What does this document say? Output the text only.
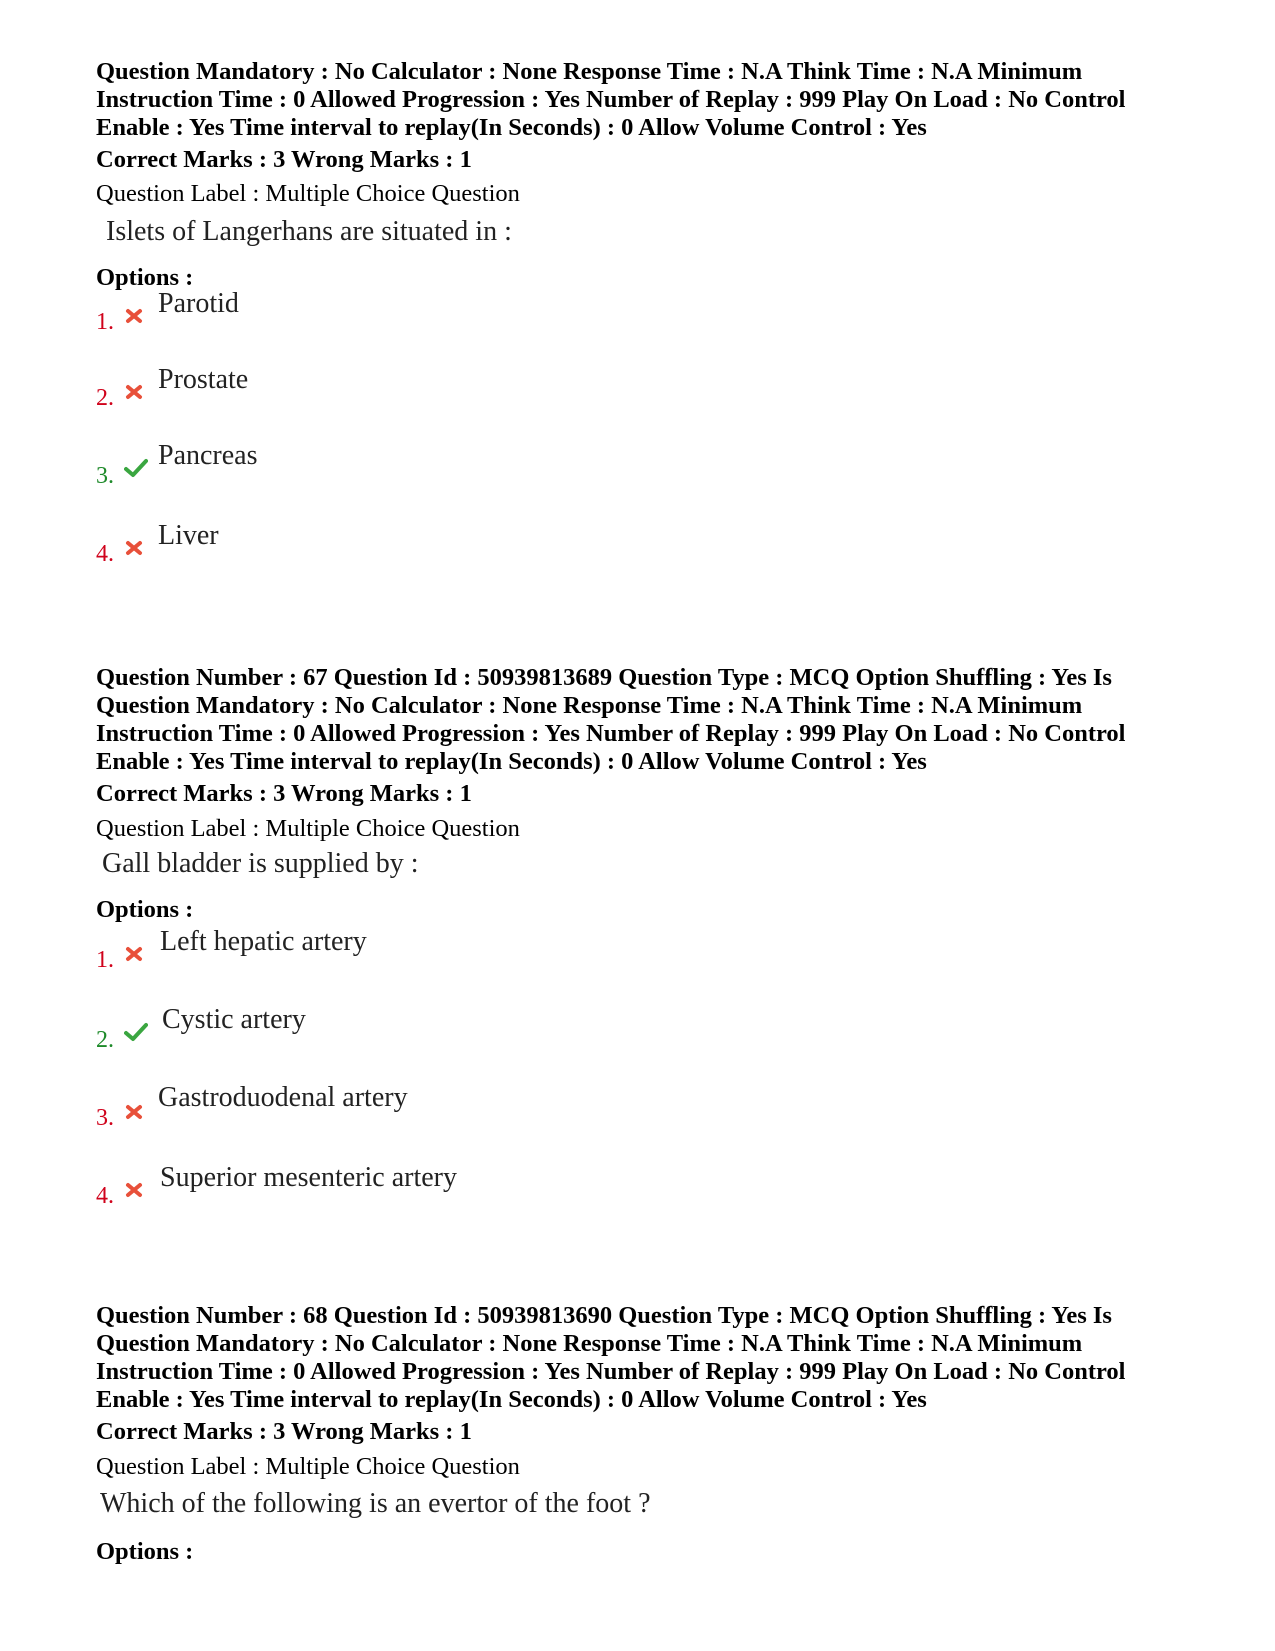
Question Mandatory : No Calculator : None Response Time : N.A Think Time : N.A Minimum

Instruction Time : 0 Allowed Progression : Yes Number of Replay : 999 Play On Load : No Control

Enable : Yes Time interval to replay(In Seconds) : 0 Allow Volume Control : Yes

Correct Marks : 3 Wrong Marks : 1

Question Label : Multiple Choice Question

Islets of Langerhans are situated in :

Options :

1.
Parotid
2.
Prostate
3.
Pancreas
4.
Liver

Question Number : 67 Question Id : 50939813689 Question Type : MCQ Option Shuffling : Yes Is

Question Mandatory : No Calculator : None Response Time : N.A Think Time : N.A Minimum

Instruction Time : 0 Allowed Progression : Yes Number of Replay : 999 Play On Load : No Control

Enable : Yes Time interval to replay(In Seconds) : 0 Allow Volume Control : Yes

Correct Marks : 3 Wrong Marks : 1

Question Label : Multiple Choice Question

Gall bladder is supplied by :

Options :

1.
Left hepatic artery
2.
Cystic artery
3.
Gastroduodenal artery
4.
Superior mesenteric artery

Question Number : 68 Question Id : 50939813690 Question Type : MCQ Option Shuffling : Yes Is

Question Mandatory : No Calculator : None Response Time : N.A Think Time : N.A Minimum

Instruction Time : 0 Allowed Progression : Yes Number of Replay : 999 Play On Load : No Control

Enable : Yes Time interval to replay(In Seconds) : 0 Allow Volume Control : Yes

Correct Marks : 3 Wrong Marks : 1

Question Label : Multiple Choice Question

Which of the following is an evertor of the foot ?

Options :
